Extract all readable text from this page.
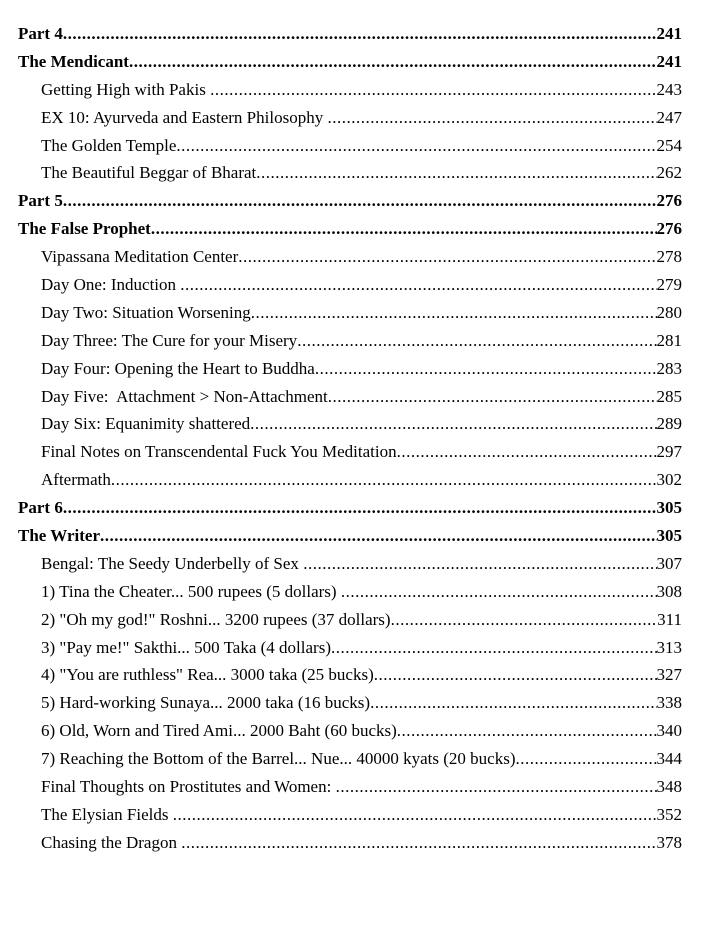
Part 4 .....	241
The Mendicant .....	241
Getting High with Pakis .....	243
EX 10: Ayurveda and Eastern Philosophy .....	247
The Golden Temple .....	254
The Beautiful Beggar of Bharat .....	262
Part 5 .....	276
The False Prophet .....	276
Vipassana Meditation Center .....	278
Day One: Induction .....	279
Day Two: Situation Worsening .....	280
Day Three: The Cure for your Misery .....	281
Day Four: Opening the Heart to Buddha .....	283
Day Five:  Attachment > Non-Attachment .....	285
Day Six: Equanimity shattered .....	289
Final Notes on Transcendental Fuck You Meditation .....	297
Aftermath .....	302
Part 6 .....	305
The Writer .....	305
Bengal: The Seedy Underbelly of Sex .....	307
1) Tina the Cheater... 500 rupees (5 dollars) .....	308
2) "Oh my god!" Roshni... 3200 rupees (37 dollars) .....	311
3) "Pay me!" Sakthi... 500 Taka (4 dollars) .....	313
4) "You are ruthless" Rea... 3000 taka (25 bucks) .....	327
5) Hard-working Sunaya... 2000 taka (16 bucks) .....	338
6) Old, Worn and Tired Ami... 2000 Baht (60 bucks) .....	340
7) Reaching the Bottom of the Barrel... Nue... 40000 kyats (20 bucks) .....	344
Final Thoughts on Prostitutes and Women: .....	348
The Elysian Fields .....	352
Chasing the Dragon .....	378
